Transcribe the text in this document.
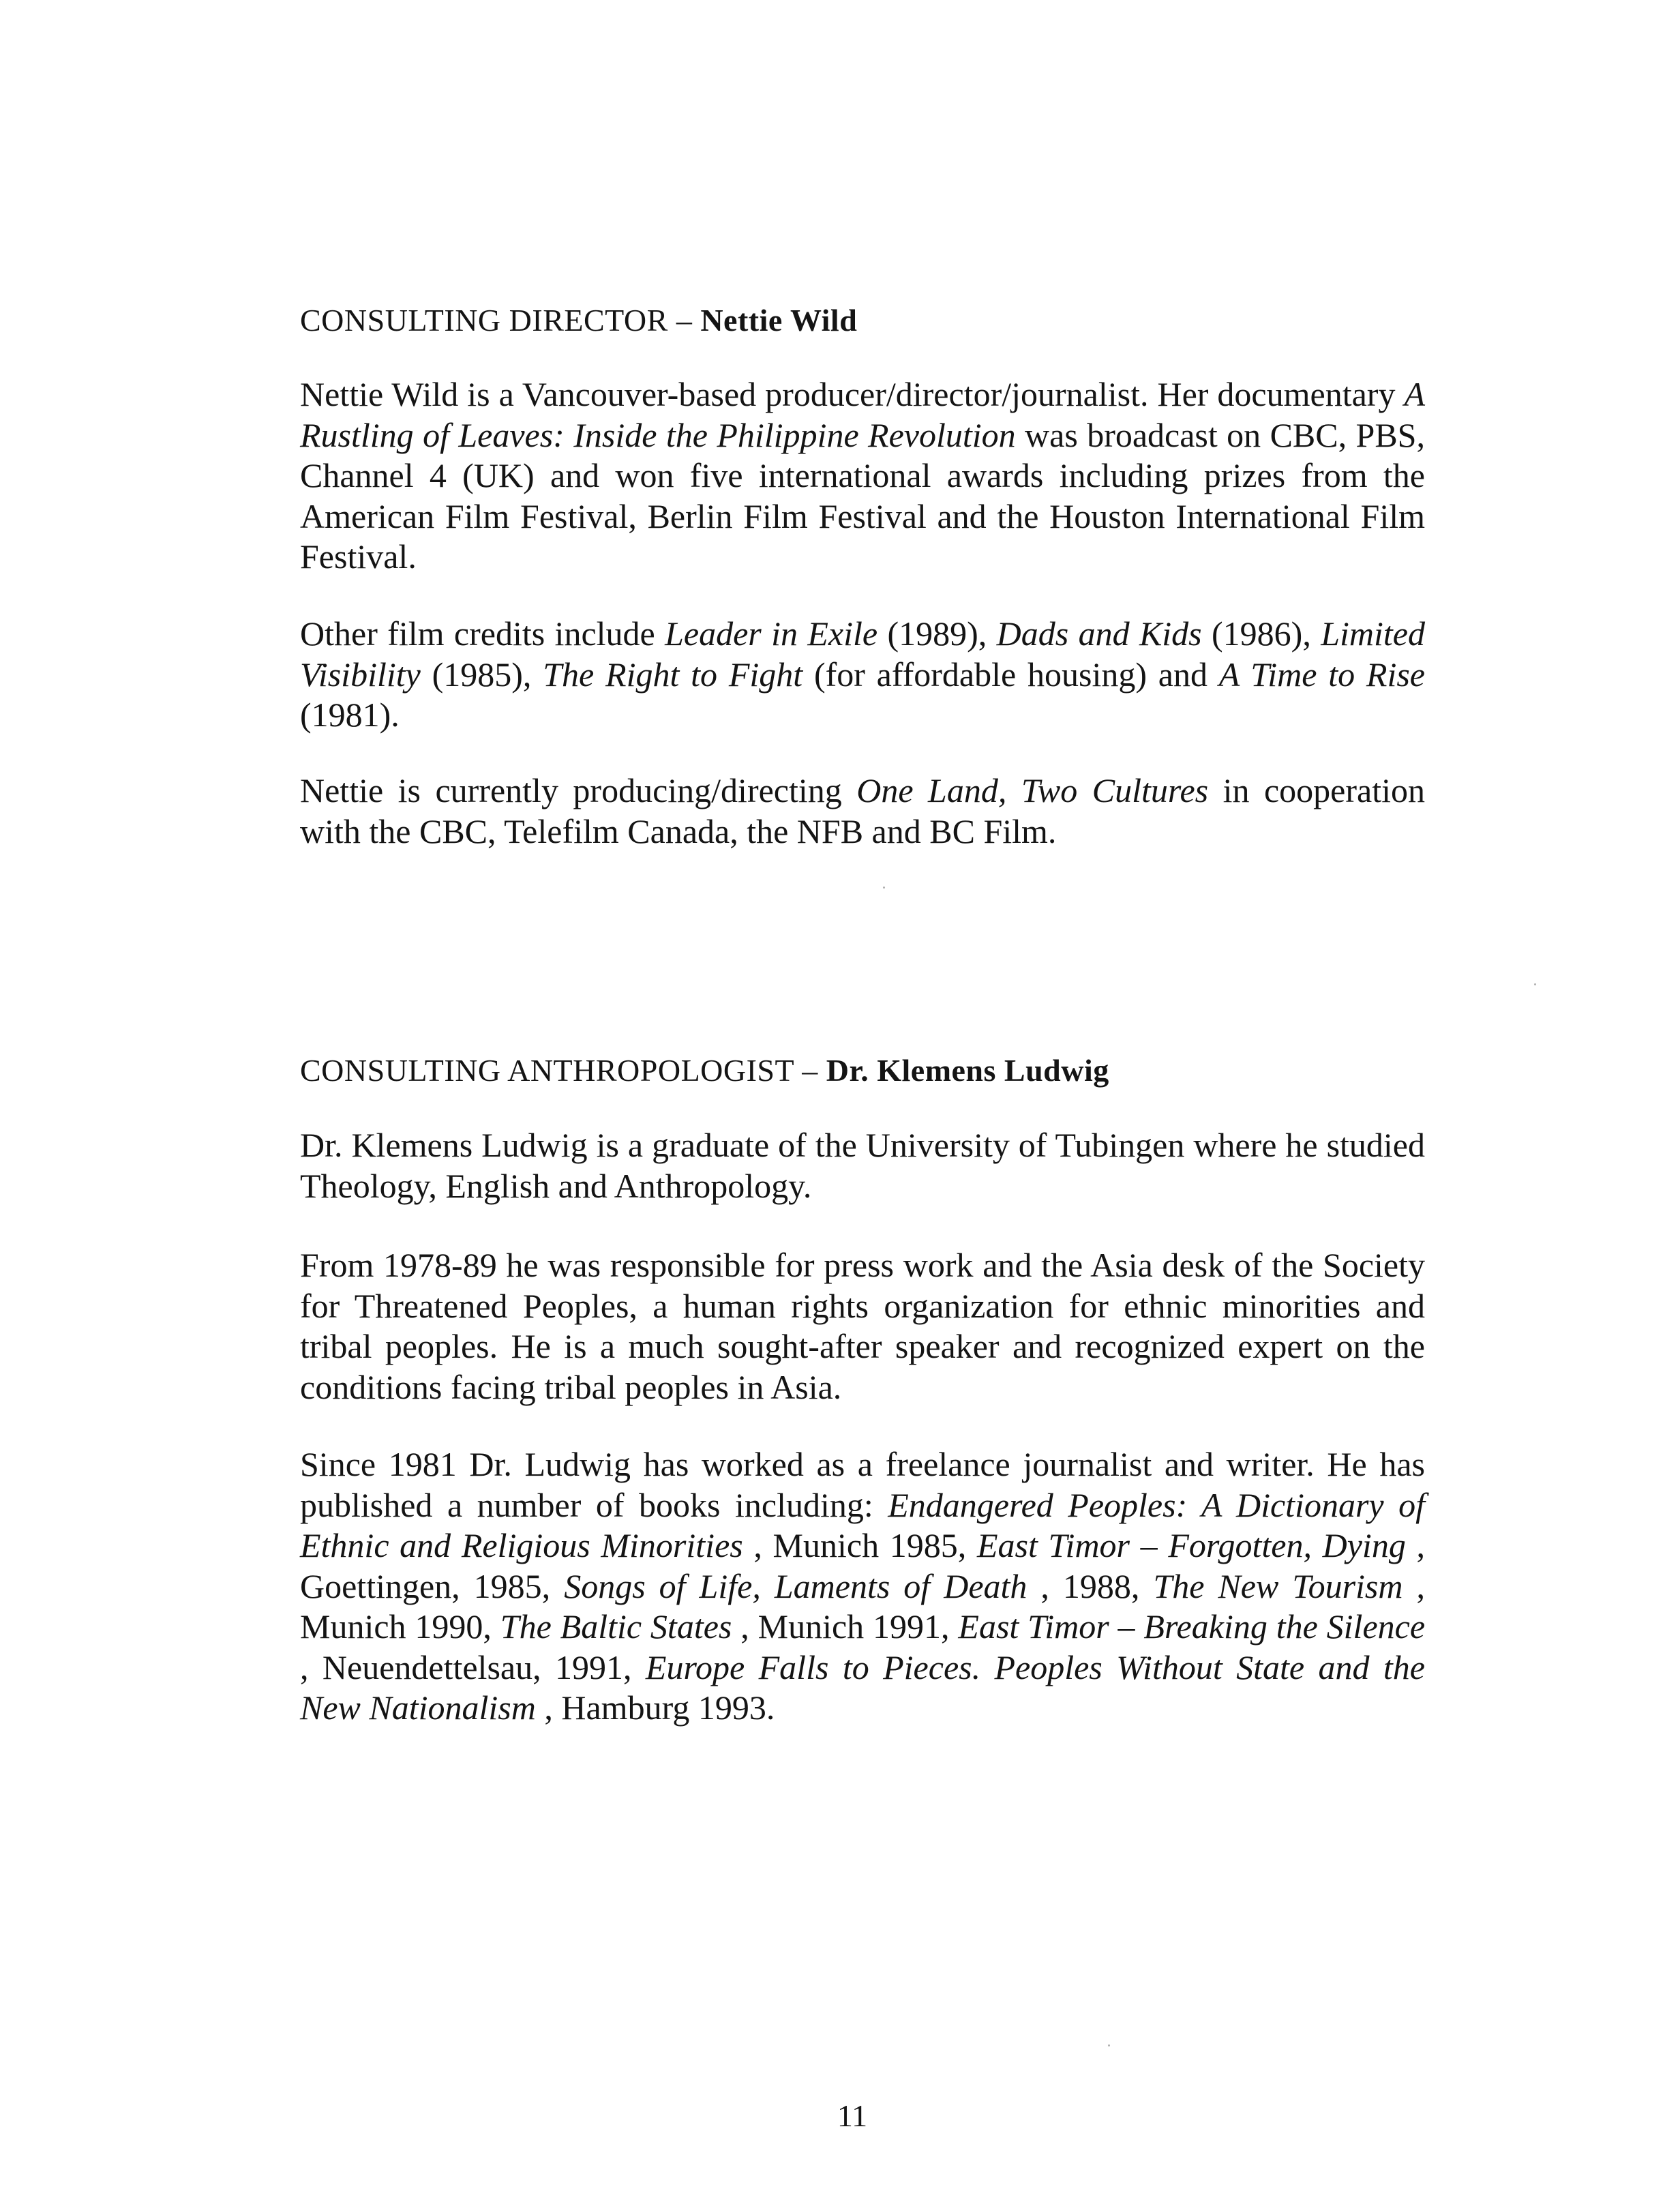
CONSULTING DIRECTOR – Nettie Wild

Nettie Wild is a Vancouver-based producer/director/journalist. Her documentary A Rustling of Leaves: Inside the Philippine Revolution was broadcast on CBC, PBS, Channel 4 (UK) and won five international awards including prizes from the American Film Festival, Berlin Film Festival and the Houston International Film Festival.

Other film credits include Leader in Exile (1989), Dads and Kids (1986), Limited Visibility (1985), The Right to Fight (for affordable housing) and A Time to Rise (1981).

Nettie is currently producing/directing One Land, Two Cultures in cooperation with the CBC, Telefilm Canada, the NFB and BC Film.

CONSULTING ANTHROPOLOGIST – Dr. Klemens Ludwig

Dr. Klemens Ludwig is a graduate of the University of Tubingen where he studied Theology, English and Anthropology.

From 1978-89 he was responsible for press work and the Asia desk of the Society for Threatened Peoples, a human rights organization for ethnic minorities and tribal peoples. He is a much sought-after speaker and recognized expert on the conditions facing tribal peoples in Asia.

Since 1981 Dr. Ludwig has worked as a freelance journalist and writer. He has published a number of books including: Endangered Peoples: A Dictionary of Ethnic and Religious Minorities , Munich 1985, East Timor – Forgotten, Dying , Goettingen, 1985, Songs of Life, Laments of Death , 1988, The New Tourism , Munich 1990, The Baltic States , Munich 1991, East Timor – Breaking the Silence , Neuendettelsau, 1991, Europe Falls to Pieces. Peoples Without State and the New Nationalism , Hamburg 1993.

11
